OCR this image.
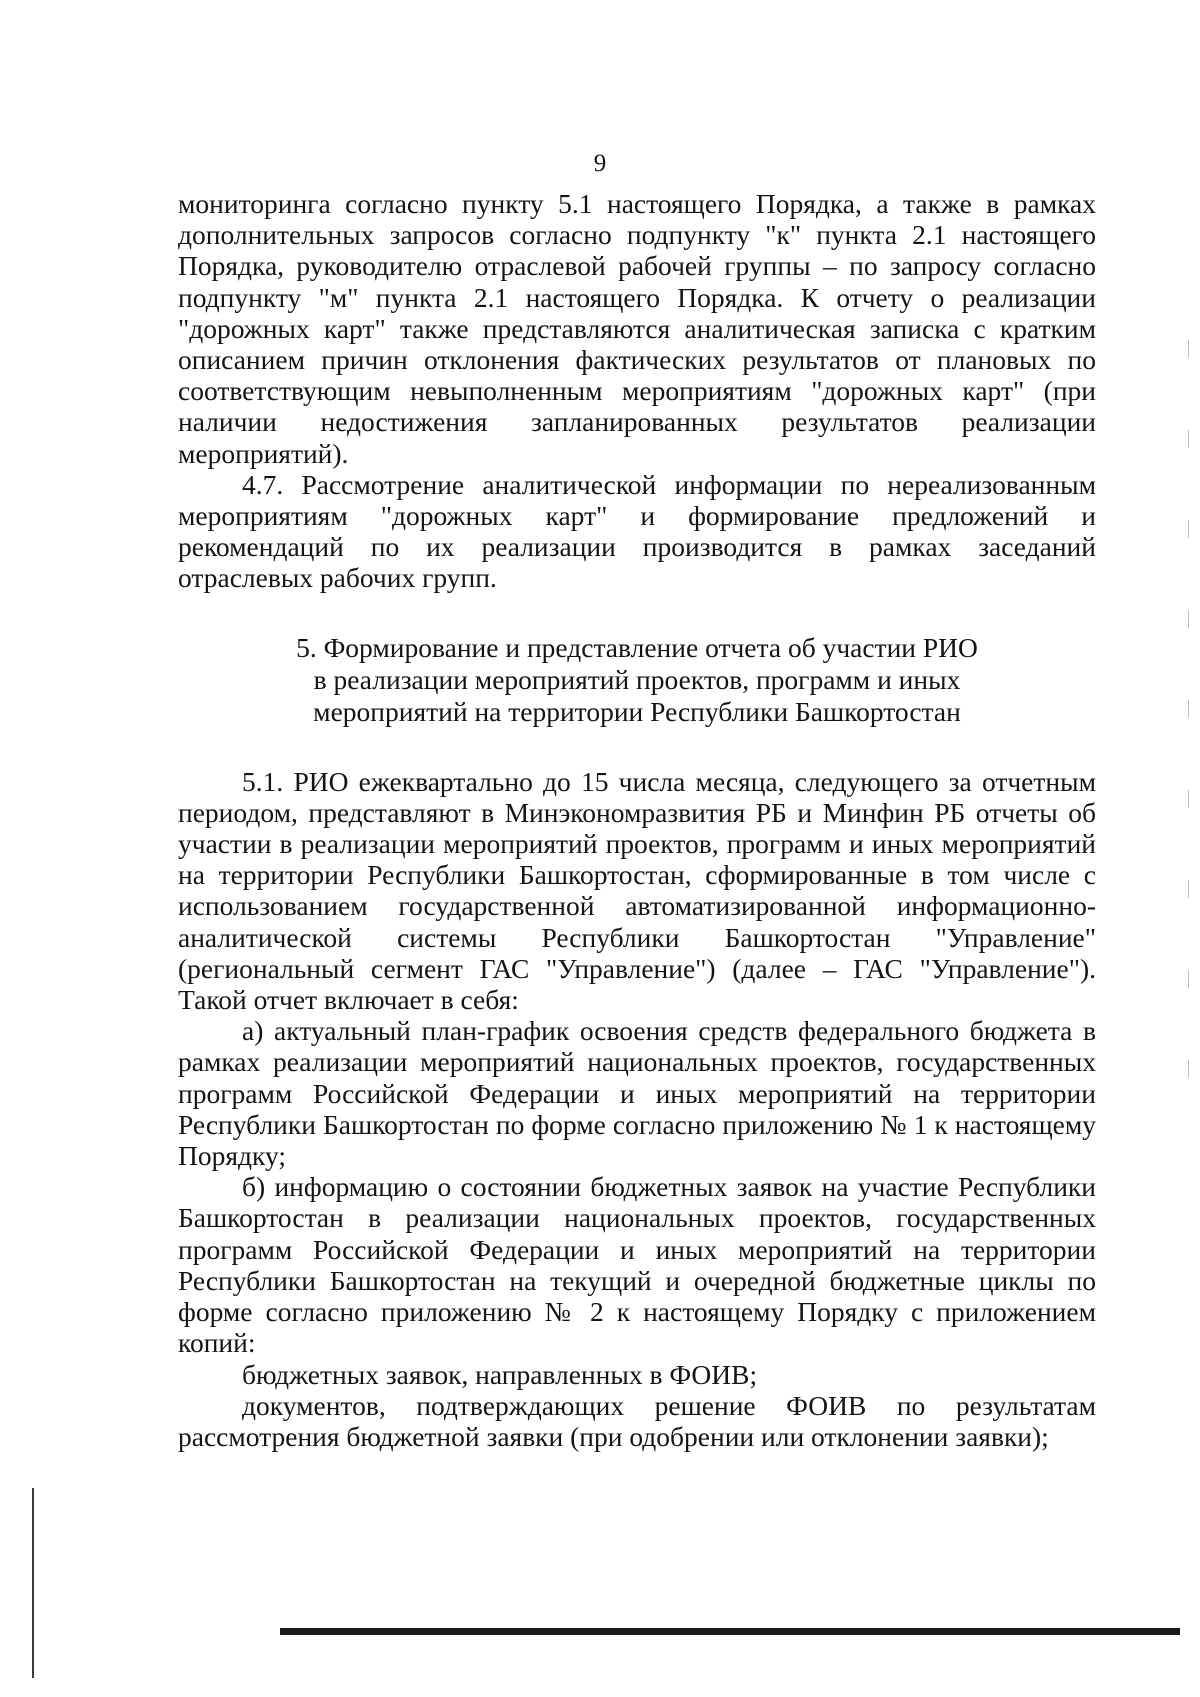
9

мониторинга согласно пункту 5.1 настоящего Порядка, а также в рамках дополнительных запросов согласно подпункту "к" пункта 2.1 настоящего Порядка, руководителю отраслевой рабочей группы – по запросу согласно подпункту "м" пункта 2.1 настоящего Порядка. К отчету о реализации "дорожных карт" также представляются аналитическая записка с кратким описанием причин отклонения фактических результатов от плановых по соответствующим невыполненным мероприятиям "дорожных карт" (при наличии недостижения запланированных результатов реализации мероприятий).

4.7. Рассмотрение аналитической информации по нереализованным мероприятиям "дорожных карт" и формирование предложений и рекомендаций по их реализации производится в рамках заседаний отраслевых рабочих групп.

5. Формирование и представление отчета об участии РИО

в реализации мероприятий проектов, программ и иных

мероприятий на территории Республики Башкортостан

5.1. РИО ежеквартально до 15 числа месяца, следующего за отчетным периодом, представляют в Минэкономразвития РБ и Минфин РБ отчеты об участии в реализации мероприятий проектов, программ и иных мероприятий на территории Республики Башкортостан, сформированные в том числе с использованием государственной автоматизированной информационно-аналитической системы Республики Башкортостан "Управление" (региональный сегмент ГАС "Управление") (далее – ГАС "Управление"). Такой отчет включает в себя:

а) актуальный план-график освоения средств федерального бюджета в рамках реализации мероприятий национальных проектов, государственных программ Российской Федерации и иных мероприятий на территории Республики Башкортостан по форме согласно приложению № 1 к настоящему Порядку;

б) информацию о состоянии бюджетных заявок на участие Республики Башкортостан в реализации национальных проектов, государственных программ Российской Федерации и иных мероприятий на территории Республики Башкортостан на текущий и очередной бюджетные циклы по форме согласно приложению № 2 к настоящему Порядку с приложением копий:

бюджетных заявок, направленных в ФОИВ;

документов, подтверждающих решение ФОИВ по результатам рассмотрения бюджетной заявки (при одобрении или отклонении заявки);
